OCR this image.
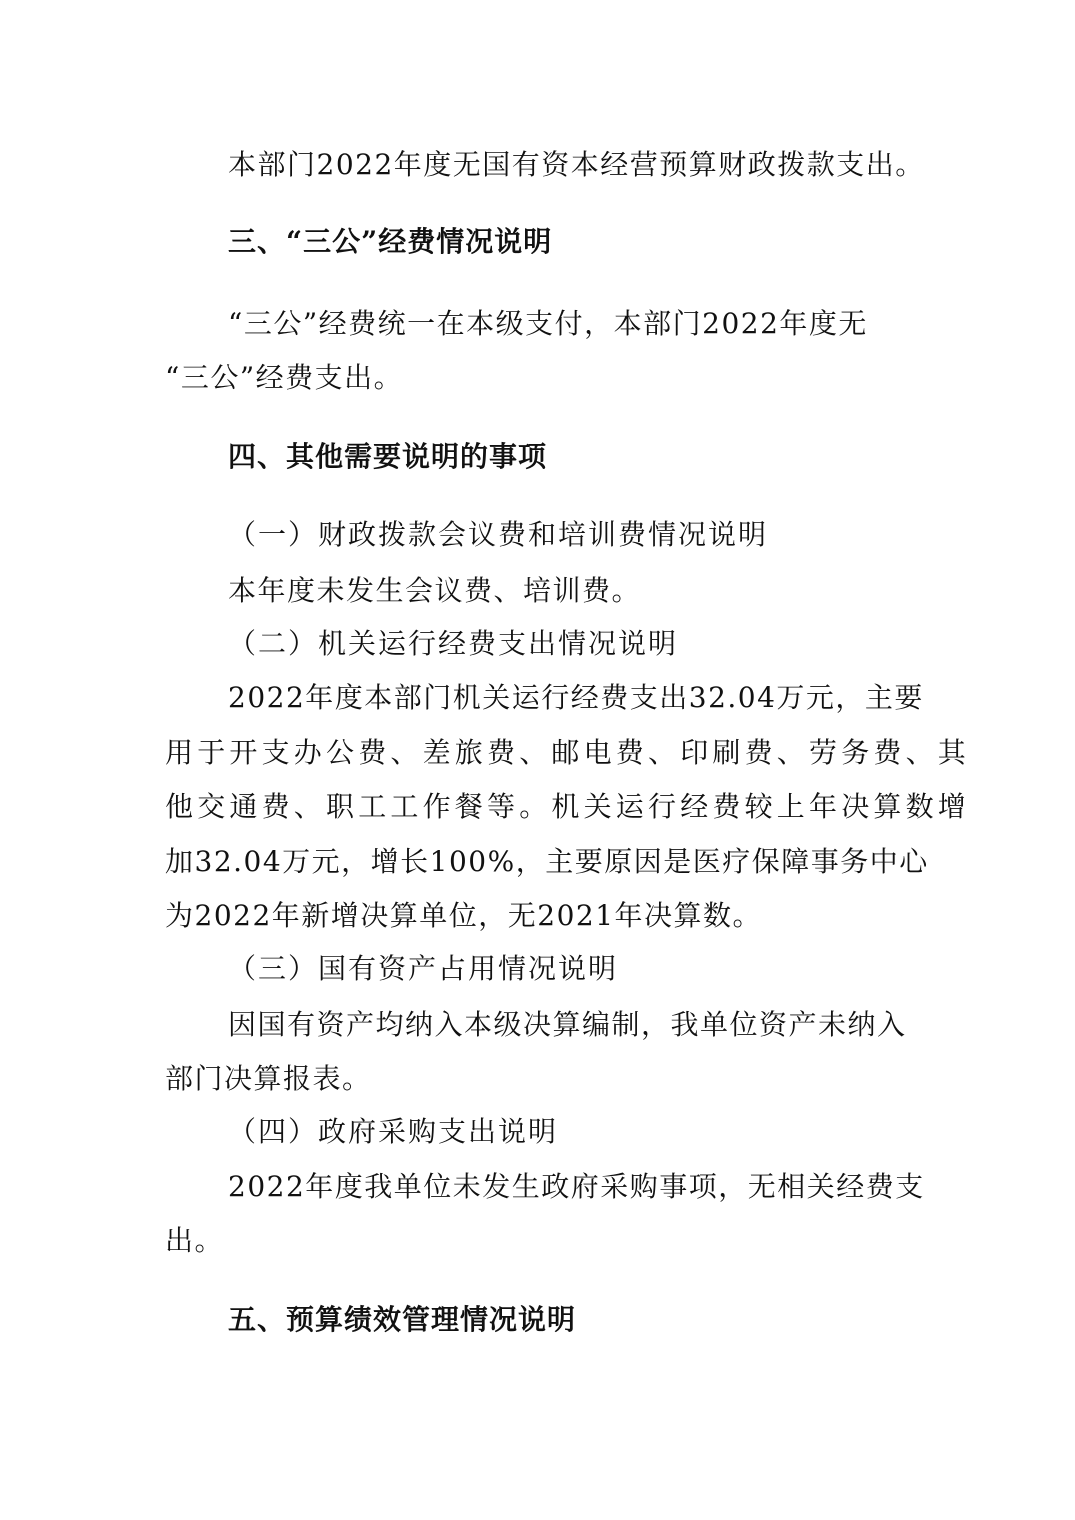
本部门2022年度无国有资本经营预算财政拨款支出。
三、“三公”经费情况说明
“三公”经费统一在本级支付，本部门2022年度无
“三公”经费支出。
四、其他需要说明的事项
（一）财政拨款会议费和培训费情况说明
本年度未发生会议费、培训费。
（二）机关运行经费支出情况说明
2022年度本部门机关运行经费支出32.04万元，主要
用于开支办公费、差旅费、邮电费、印刷费、劳务费、其
他交通费、职工工作餐等。机关运行经费较上年决算数增
加32.04万元，增长100%，主要原因是医疗保障事务中心
为2022年新增决算单位，无2021年决算数。
（三）国有资产占用情况说明
因国有资产均纳入本级决算编制，我单位资产未纳入
部门决算报表。
（四）政府采购支出说明
2022年度我单位未发生政府采购事项，无相关经费支
出。
五、预算绩效管理情况说明
